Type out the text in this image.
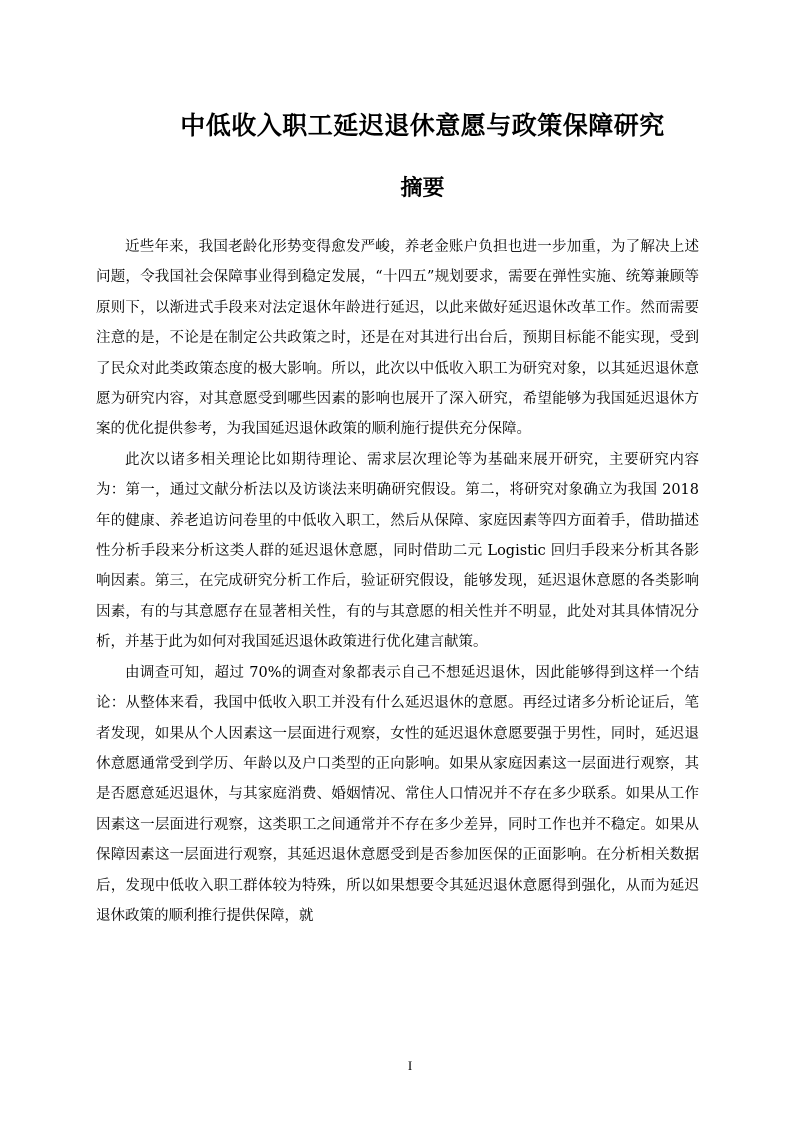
中低收入职工延迟退休意愿与政策保障研究
摘要

近些年来，我国老龄化形势变得愈发严峻，养老金账户负担也进一步加重，为了解决上述问题，令我国社会保障事业得到稳定发展，“十四五”规划要求，需要在弹性实施、统筹兼顾等原则下，以渐进式手段来对法定退休年龄进行延迟，以此来做好延迟退休改革工作。然而需要注意的是，不论是在制定公共政策之时，还是在对其进行出台后，预期目标能不能实现，受到了民众对此类政策态度的极大影响。所以，此次以中低收入职工为研究对象，以其延迟退休意愿为研究内容，对其意愿受到哪些因素的影响也展开了深入研究，希望能够为我国延迟退休方案的优化提供参考，为我国延迟退休政策的顺利施行提供充分保障。

此次以诸多相关理论比如期待理论、需求层次理论等为基础来展开研究，主要研究内容为：第一，通过文献分析法以及访谈法来明确研究假设。第二，将研究对象确立为我国 2018 年的健康、养老追访问卷里的中低收入职工，然后从保障、家庭因素等四方面着手，借助描述性分析手段来分析这类人群的延迟退休意愿，同时借助二元 Logistic 回归手段来分析其各影响因素。第三，在完成研究分析工作后，验证研究假设，能够发现，延迟退休意愿的各类影响因素，有的与其意愿存在显著相关性，有的与其意愿的相关性并不明显，此处对其具体情况分析，并基于此为如何对我国延迟退休政策进行优化建言献策。

由调查可知，超过 70%的调查对象都表示自己不想延迟退休，因此能够得到这样一个结论：从整体来看，我国中低收入职工并没有什么延迟退休的意愿。再经过诸多分析论证后，笔者发现，如果从个人因素这一层面进行观察，女性的延迟退休意愿要强于男性，同时，延迟退休意愿通常受到学历、年龄以及户口类型的正向影响。如果从家庭因素这一层面进行观察，其是否愿意延迟退休，与其家庭消费、婚姻情况、常住人口情况并不存在多少联系。如果从工作因素这一层面进行观察，这类职工之间通常并不存在多少差异，同时工作也并不稳定。如果从保障因素这一层面进行观察，其延迟退休意愿受到是否参加医保的正面影响。在分析相关数据后，发现中低收入职工群体较为特殊，所以如果想要令其延迟退休意愿得到强化，从而为延迟退休政策的顺利推行提供保障，就

I
